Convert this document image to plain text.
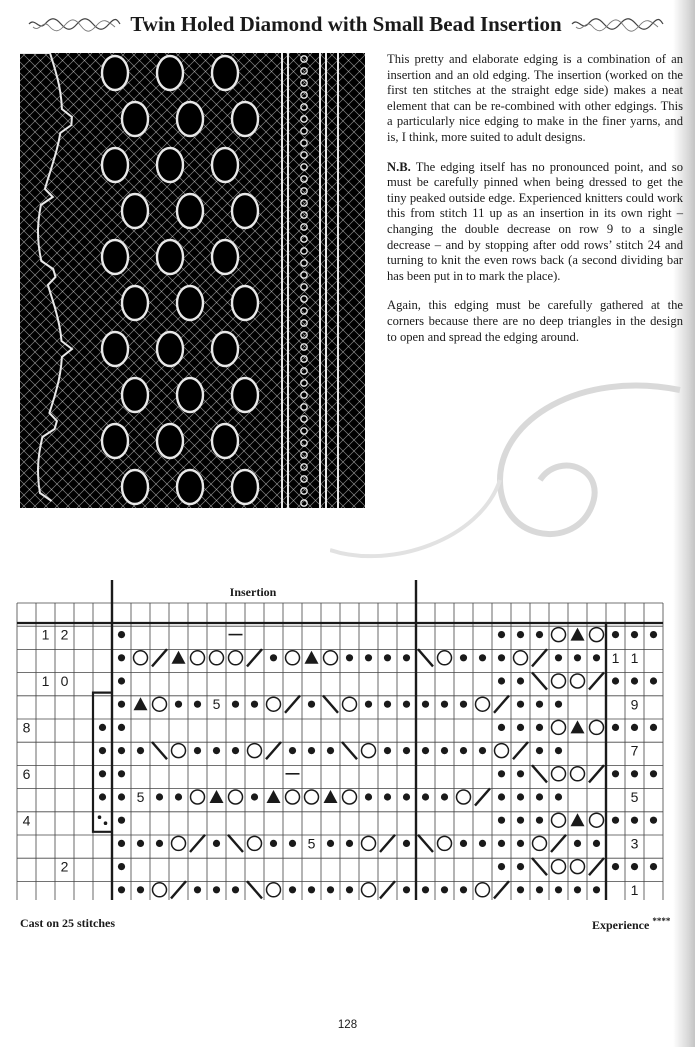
Twin Holed Diamond with Small Bead Insertion

This pretty and elaborate edging is a combination of an insertion and an old edging. The insertion (worked on the first ten stitches at the straight edge side) makes a neat element that can be re-combined with other edgings. This a particularly nice edging to make in the finer yarns, and is, I think, more suited to adult designs.

N.B. The edging itself has no pronounced point, and so must be carefully pinned when being dressed to get the tiny peaked outside edge. Experienced knitters could work this from stitch 11 up as an insertion in its own right – changing the double decrease on row 9 to a single decrease – and by stopping after odd rows’ stitch 24 and turning to knit the even rows back (a second dividing bar has been put in to mark the place).

Again, this edging must be carefully gathered at the corners because there are no deep triangles in the design to open and spread the edging around.

Insertion
1 2
1 1
1 0
9
5
8
7
6
5
5
4
3
5
2
1
Cast on 25 stitches	Experience ****
128
